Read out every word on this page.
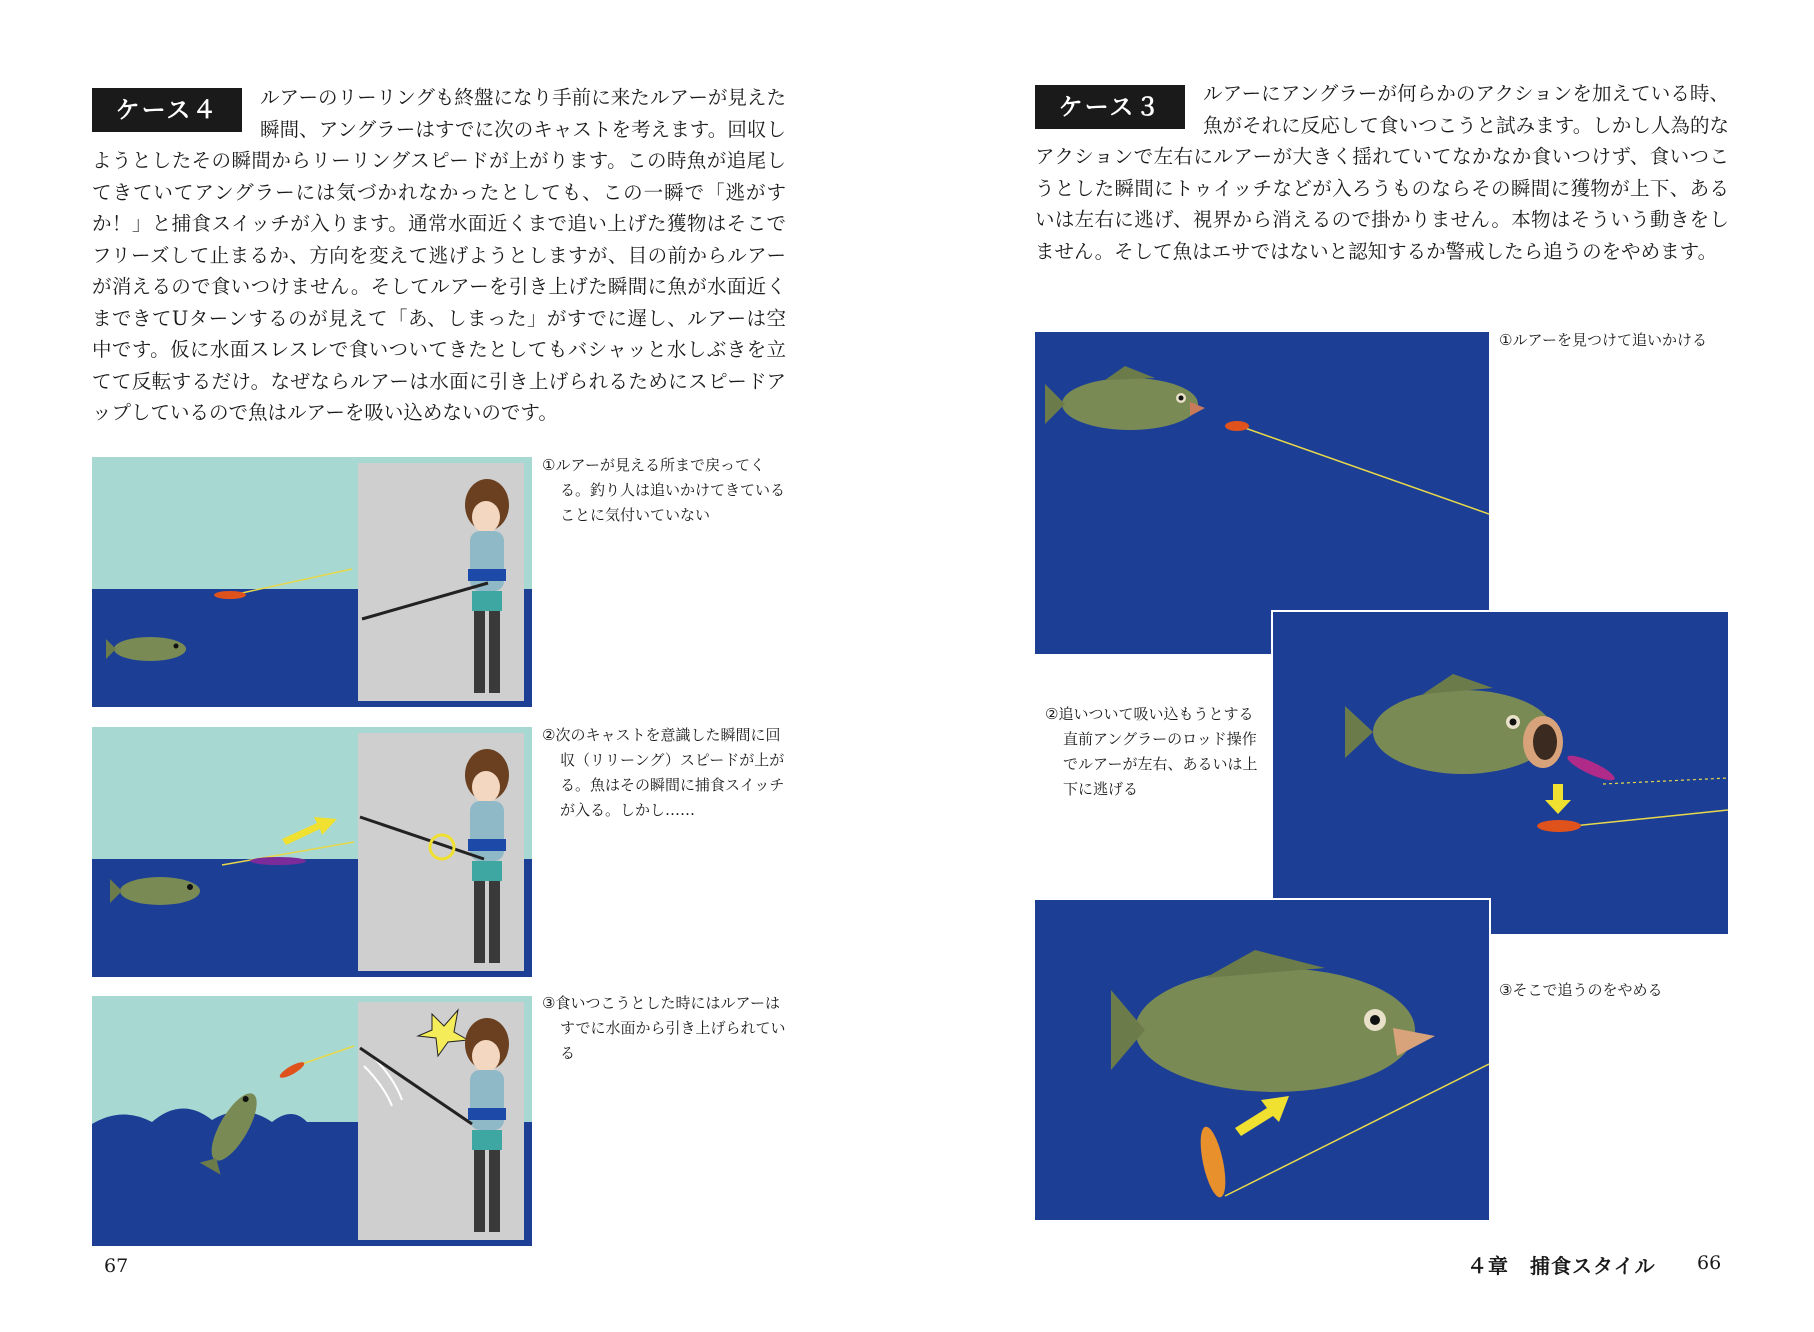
ケース４	ルアーのリーリングも終盤になり手前に来たルアーが見えた瞬間、アングラーはすでに次のキャストを考えます。回収しようとしたその瞬間からリーリングスピードが上がります。この時魚が追尾してきていてアングラーには気づかれなかったとしても、この一瞬で「逃がすか！」と捕食スイッチが入ります。通常水面近くまで追い上げた獲物はそこでフリーズして止まるか、方向を変えて逃げようとしますが、目の前からルアーが消えるので食いつけません。そしてルアーを引き上げた瞬間に魚が水面近くまできてUターンするのが見えて「あ、しまった」がすでに遅し、ルアーは空中です。仮に水面スレスレで食いついてきたとしてもバシャッと水しぶきを立てて反転するだけ。なぜならルアーは水面に引き上げられるためにスピードアップしているので魚はルアーを吸い込めないのです。
①ルアーが見える所まで戻ってくる。釣り人は追いかけてきていることに気付いていない
②次のキャストを意識した瞬間に回収（リリーング）スピードが上がる。魚はその瞬間に捕食スイッチが入る。しかし……
③食いつこうとした時にはルアーはすでに水面から引き上げられている
67
ケース３	ルアーにアングラーが何らかのアクションを加えている時、魚がそれに反応して食いつこうと試みます。しかし人為的なアクションで左右にルアーが大きく揺れていてなかなか食いつけず、食いつこうとした瞬間にトゥイッチなどが入ろうものならその瞬間に獲物が上下、あるいは左右に逃げ、視界から消えるので掛かりません。本物はそういう動きをしません。そして魚はエサではないと認知するか警戒したら追うのをやめます。
①ルアーを見つけて追いかける
②追いついて吸い込もうとする直前アングラーのロッド操作でルアーが左右、あるいは上下に逃げる
③そこで追うのをやめる
４章　捕食スタイル 66
